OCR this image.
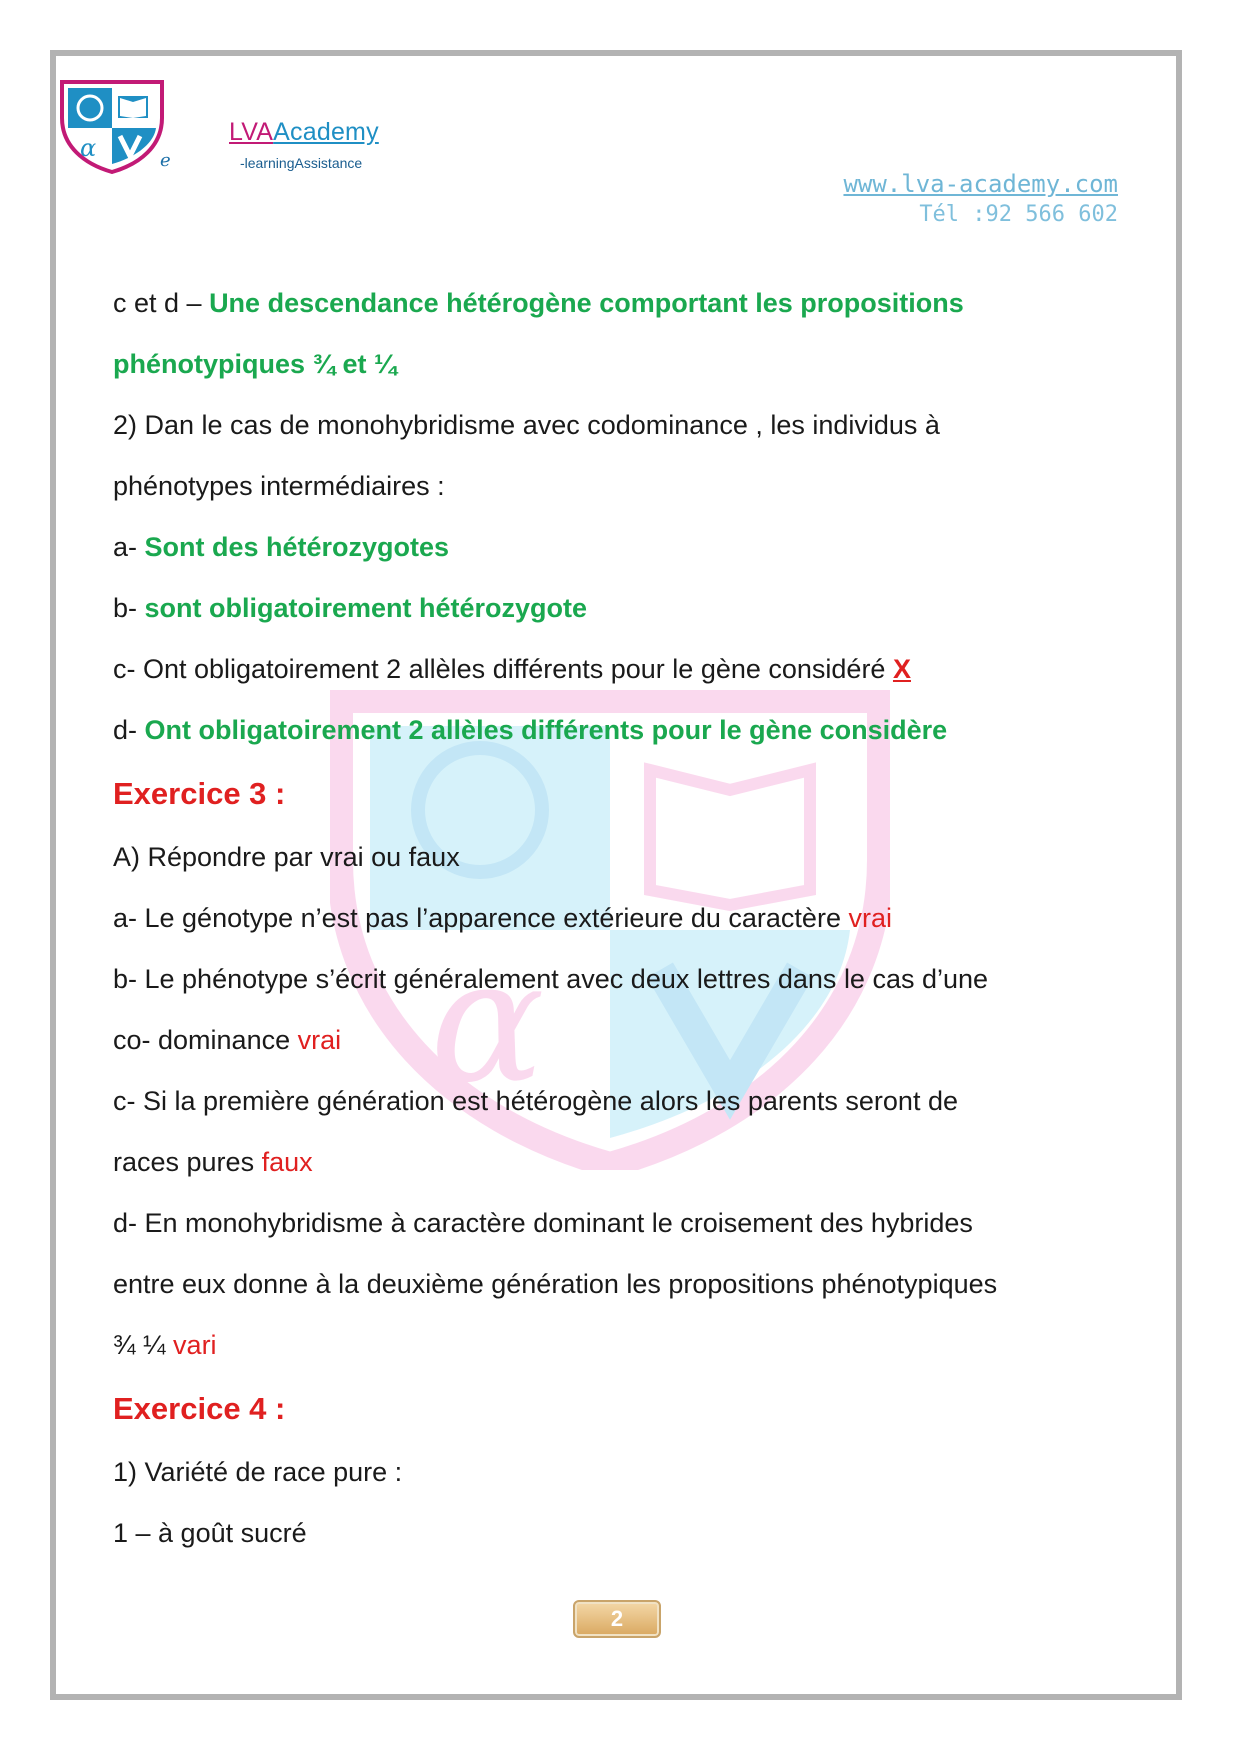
α	e
LVAAcademy
-learningAssistance
www.lva-academy.com
Tél :92 566 602
α
c et d – Une descendance hétérogène comportant les propositions
phénotypiques ¾ et ¼
2) Dan le cas de monohybridisme avec codominance , les individus à
phénotypes intermédiaires :
a- Sont des hétérozygotes
b- sont obligatoirement hétérozygote
c- Ont obligatoirement 2 allèles différents pour le gène considéré X
d- Ont obligatoirement 2 allèles différents pour le gène considère
Exercice 3 :
A) Répondre par vrai ou faux
a- Le génotype n’est pas l’apparence extérieure du caractère vrai
b- Le phénotype s’écrit généralement avec deux lettres dans le cas d’une
co- dominance vrai
c- Si la première génération est hétérogène alors les parents seront de
races pures faux
d- En monohybridisme à caractère dominant le croisement des hybrides
entre eux donne à la deuxième génération les propositions phénotypiques
¾ ¼ vari
Exercice 4 :
1) Variété de race pure :
1 – à goût sucré
2
